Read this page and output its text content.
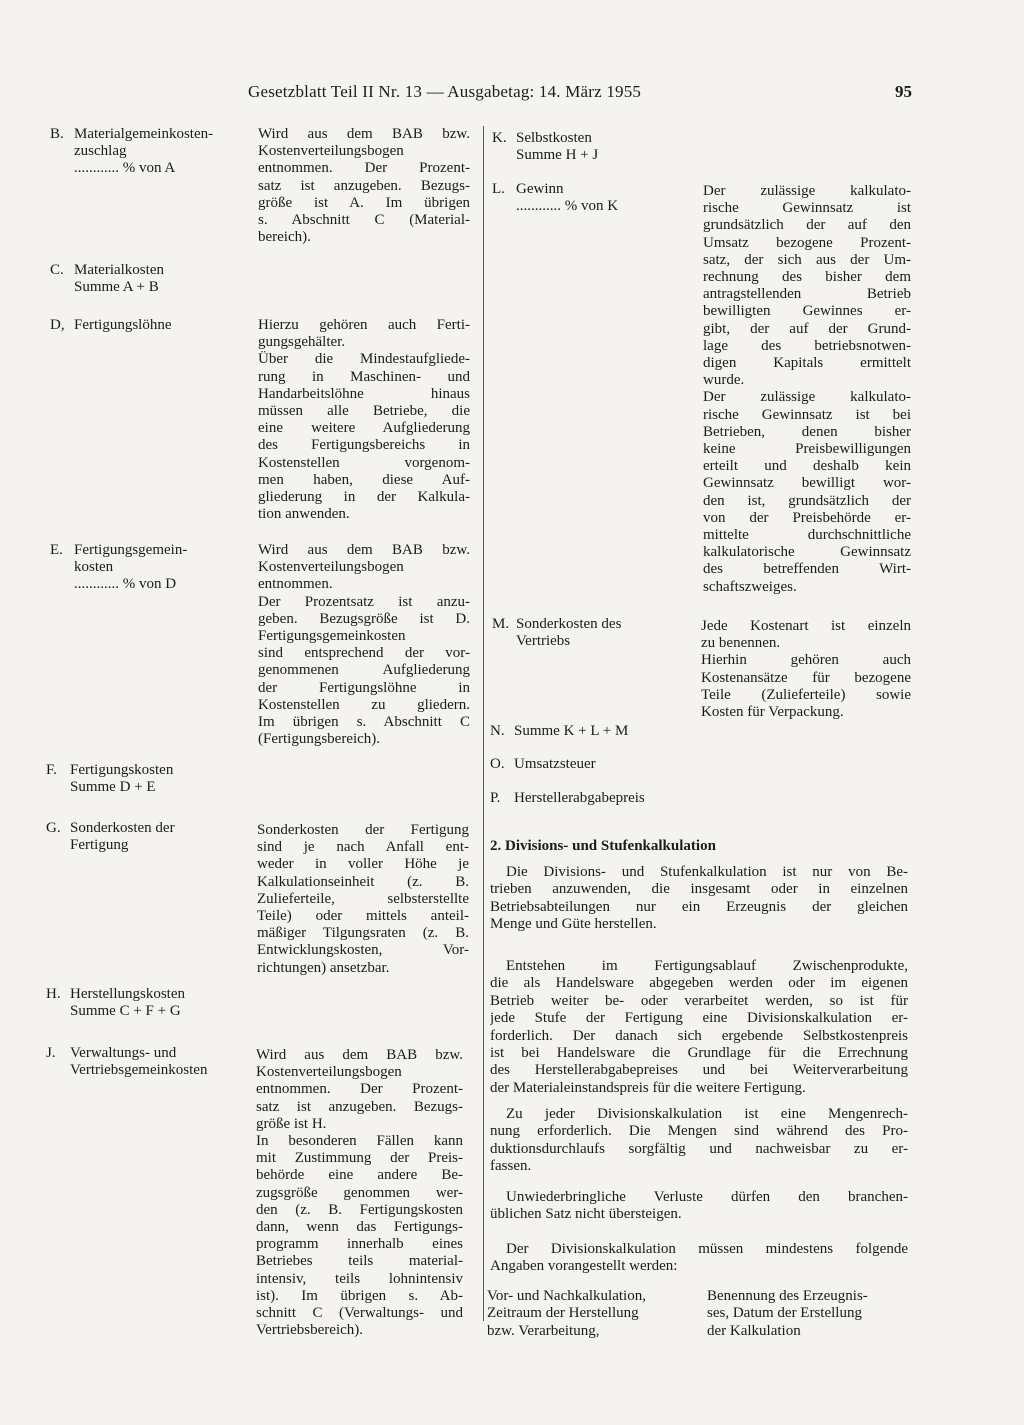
Gesetzblatt Teil II Nr. 13 — Ausgabetag: 14. März 1955	95
B. Materialgemeinkosten-
zuschlag
............ % von A
Wird aus dem BAB bzw.
Kostenverteilungsbogen
entnommen. Der Prozent-
satz ist anzugeben. Bezugs-
größe ist A. Im übrigen
s. Abschnitt C (Material-
bereich).
C. Materialkosten
Summe A + B
D, Fertigungslöhne	Hierzu gehören auch Ferti-
gungsgehälter.
Über die Mindestaufgliede-
rung in Maschinen- und
Handarbeitslöhne hinaus
müssen alle Betriebe, die
eine weitere Aufgliederung
des Fertigungsbereichs in
Kostenstellen vorgenom-
men haben, diese Auf-
gliederung in der Kalkula-
tion anwenden.
E. Fertigungsgemein-
kosten
............ % von D
Wird aus dem BAB bzw.
Kostenverteilungsbogen
entnommen.
Der Prozentsatz ist anzu-
geben. Bezugsgröße ist D.
Fertigungsgemeinkosten
sind entsprechend der vor-
genommenen Aufgliederung
der Fertigungslöhne in
Kostenstellen zu gliedern.
Im übrigen s. Abschnitt C
(Fertigungsbereich).
F. Fertigungskosten
Summe D + E
G. Sonderkosten der
Fertigung
Sonderkosten der Fertigung
sind je nach Anfall ent-
weder in voller Höhe je
Kalkulationseinheit (z. B.
Zulieferteile, selbsterstellte
Teile) oder mittels anteil-
mäßiger Tilgungsraten (z. B.
Entwicklungskosten, Vor-
richtungen) ansetzbar.
H. Herstellungskosten
Summe C + F + G
J. Verwaltungs- und
Vertriebsgemeinkosten
Wird aus dem BAB bzw.
Kostenverteilungsbogen
entnommen. Der Prozent-
satz ist anzugeben. Bezugs-
größe ist H.
In besonderen Fällen kann
mit Zustimmung der Preis-
behörde eine andere Be-
zugsgröße genommen wer-
den (z. B. Fertigungskosten
dann, wenn das Fertigungs-
programm innerhalb eines
Betriebes teils material-
intensiv, teils lohnintensiv
ist). Im übrigen s. Ab-
schnitt C (Verwaltungs- und
Vertriebsbereich).
K. Selbstkosten
Summe H + J
L. Gewinn
............ % von K
Der zulässige kalkulato-
rische Gewinnsatz ist
grundsätzlich der auf den
Umsatz bezogene Prozent-
satz, der sich aus der Um-
rechnung des bisher dem
antragstellenden Betrieb
bewilligten Gewinnes er-
gibt, der auf der Grund-
lage des betriebsnotwen-
digen Kapitals ermittelt
wurde.
Der zulässige kalkulato-
rische Gewinnsatz ist bei
Betrieben, denen bisher
keine Preisbewilligungen
erteilt und deshalb kein
Gewinnsatz bewilligt wor-
den ist, grundsätzlich der
von der Preisbehörde er-
mittelte durchschnittliche
kalkulatorische Gewinnsatz
des betreffenden Wirt-
schaftszweiges.
M. Sonderkosten des
Vertriebs
Jede Kostenart ist einzeln
zu benennen.
Hierhin gehören auch
Kostenansätze für bezogene
Teile (Zulieferteile) sowie
Kosten für Verpackung.
N. Summe K + L + M
O. Umsatzsteuer
P. Herstellerabgabepreis
2. Divisions- und Stufenkalkulation
Die Divisions- und Stufenkalkulation ist nur von Be-
trieben anzuwenden, die insgesamt oder in einzelnen
Betriebsabteilungen nur ein Erzeugnis der gleichen
Menge und Güte herstellen.
Entstehen im Fertigungsablauf Zwischenprodukte,
die als Handelsware abgegeben werden oder im eigenen
Betrieb weiter be- oder verarbeitet werden, so ist für
jede Stufe der Fertigung eine Divisionskalkulation er-
forderlich. Der danach sich ergebende Selbstkostenpreis
ist bei Handelsware die Grundlage für die Errechnung
des Herstellerabgabepreises und bei Weiterverarbeitung
der Materialeinstandspreis für die weitere Fertigung.
Zu jeder Divisionskalkulation ist eine Mengenrech-
nung erforderlich. Die Mengen sind während des Pro-
duktionsdurchlaufs sorgfältig und nachweisbar zu er-
fassen.
Unwiederbringliche Verluste dürfen den branchen-
üblichen Satz nicht übersteigen.
Der Divisionskalkulation müssen mindestens folgende
Angaben vorangestellt werden:
Vor- und Nachkalkulation,
Zeitraum der Herstellung
bzw. Verarbeitung,
Benennung des Erzeugnis-
ses, Datum der Erstellung
der Kalkulation
